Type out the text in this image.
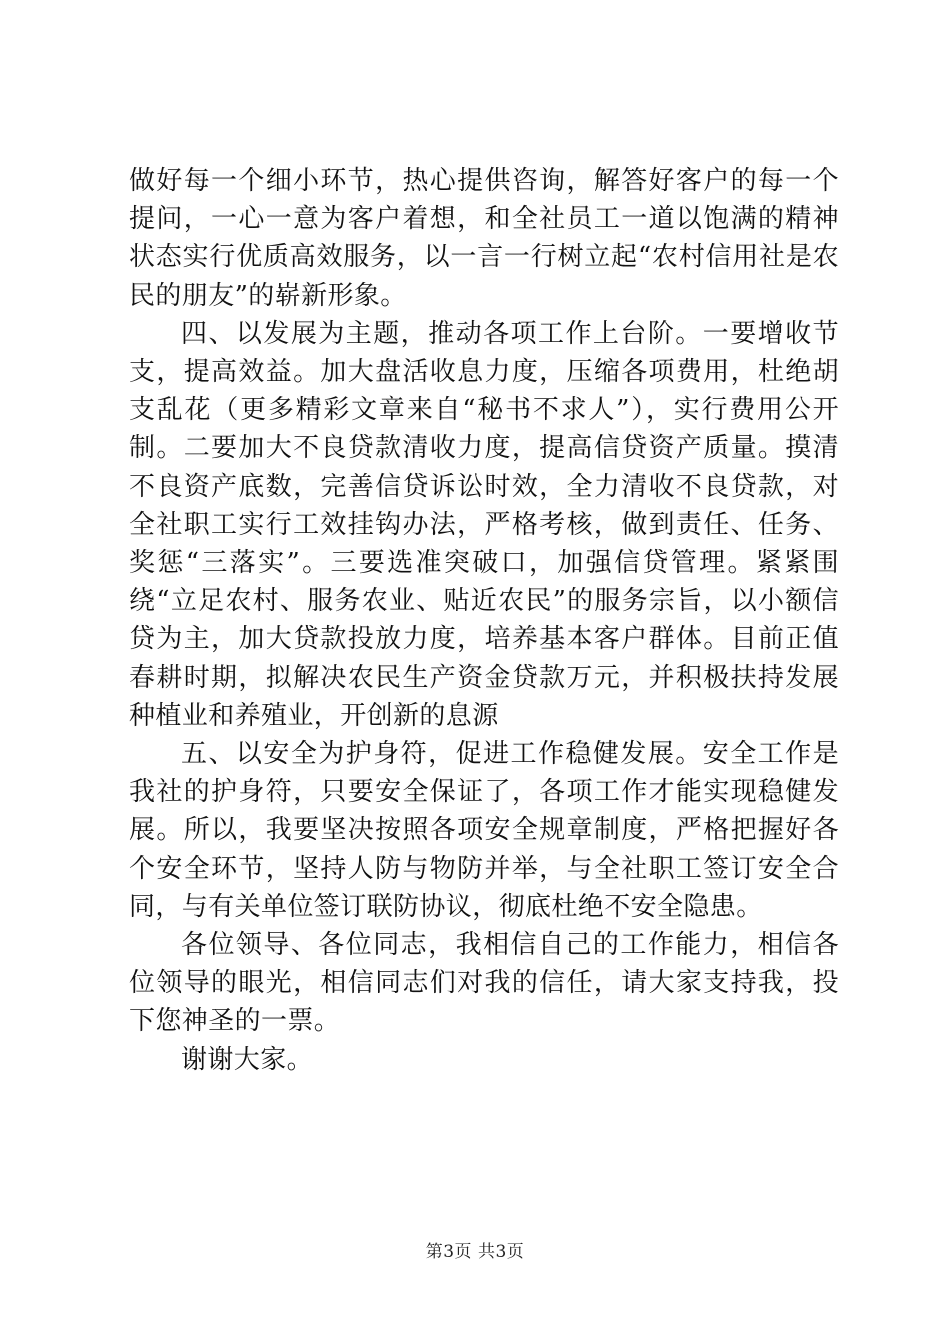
做好每一个细小环节，热心提供咨询，解答好客户的每一个提问，一心一意为客户着想，和全社员工一道以饱满的精神状态实行优质高效服务，以一言一行树立起“农村信用社是农民的朋友”的崭新形象。

四、以发展为主题，推动各项工作上台阶。一要增收节支，提高效益。加大盘活收息力度，压缩各项费用，杜绝胡支乱花（更多精彩文章来自“秘书不求人”），实行费用公开制。二要加大不良贷款清收力度，提高信贷资产质量。摸清不良资产底数，完善信贷诉讼时效，全力清收不良贷款，对全社职工实行工效挂钩办法，严格考核，做到责任、任务、奖惩“三落实”。三要选准突破口，加强信贷管理。紧紧围绕“立足农村、服务农业、贴近农民”的服务宗旨，以小额信贷为主，加大贷款投放力度，培养基本客户群体。目前正值春耕时期，拟解决农民生产资金贷款万元，并积极扶持发展种植业和养殖业，开创新的息源

五、以安全为护身符，促进工作稳健发展。安全工作是我社的护身符，只要安全保证了，各项工作才能实现稳健发展。所以，我要坚决按照各项安全规章制度，严格把握好各个安全环节，坚持人防与物防并举，与全社职工签订安全合同，与有关单位签订联防协议，彻底杜绝不安全隐患。

各位领导、各位同志，我相信自己的工作能力，相信各位领导的眼光，相信同志们对我的信任，请大家支持我，投下您神圣的一票。

谢谢大家。

第3页 共3页
